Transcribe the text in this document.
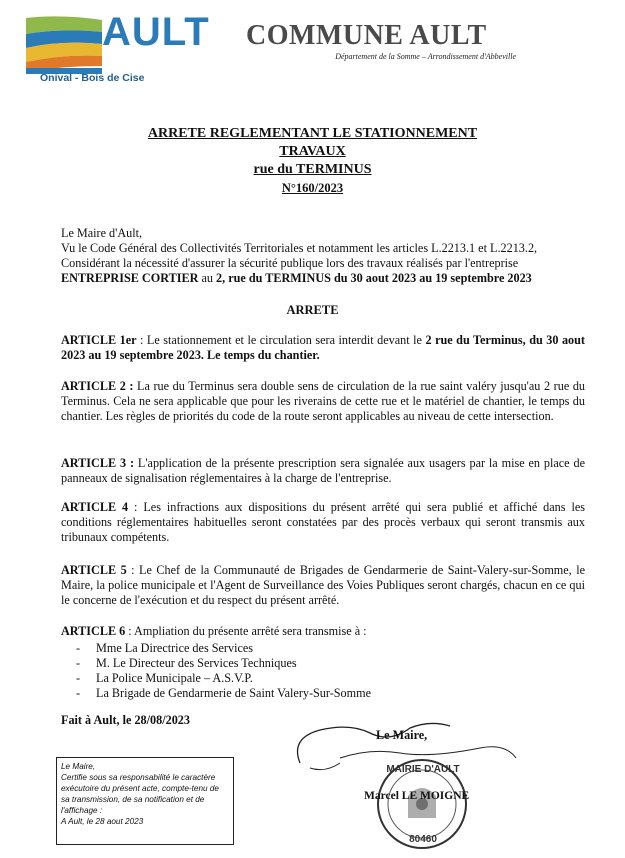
AULT
Onival - Bois de Cise
COMMUNE AULT
Département de la Somme – Arrondissement d'Abbeville
ARRETE REGLEMENTANT LE STATIONNEMENT
TRAVAUX
rue du TERMINUS
N°160/2023
Le Maire d'Ault,
Vu le Code Général des Collectivités Territoriales et notamment les articles L.2213.1 et L.2213.2,
Considérant la nécessité d'assurer la sécurité publique lors des travaux réalisés par l'entreprise
ENTREPRISE CORTIER au 2, rue du TERMINUS du 30 aout 2023 au 19 septembre 2023
ARRETE
ARTICLE 1er : Le stationnement et le circulation sera interdit devant le 2 rue du Terminus, du 30 aout 2023 au 19 septembre 2023. Le temps du chantier.
ARTICLE 2 : La rue du Terminus sera double sens de circulation de la rue saint valéry jusqu'au 2 rue du Terminus. Cela ne sera applicable que pour les riverains de cette rue et le matériel de chantier, le temps du chantier. Les règles de priorités du code de la route seront applicables au niveau de cette intersection.
ARTICLE 3 : L'application de la présente prescription sera signalée aux usagers par la mise en place de panneaux de signalisation réglementaires à la charge de l'entreprise.
ARTICLE 4 : Les infractions aux dispositions du présent arrêté qui sera publié et affiché dans les conditions réglementaires habituelles seront constatées par des procès verbaux qui seront transmis aux tribunaux compétents.
ARTICLE 5 : Le Chef de la Communauté de Brigades de Gendarmerie de Saint-Valery-sur-Somme, le Maire, la police municipale et l'Agent de Surveillance des Voies Publiques seront chargés, chacun en ce qui le concerne de l'exécution et du respect du présent arrêté.
ARTICLE 6 : Ampliation du présente arrêté sera transmise à :
- Mme La Directrice des Services
- M. Le Directeur des Services Techniques
- La Police Municipale – A.S.V.P.
- La Brigade de Gendarmerie de Saint Valery-Sur-Somme
Fait à Ault, le 28/08/2023
Le Maire,
MAIRIE D'AULT
80460
Marcel LE MOIGNE
Le Maire,
Certifie sous sa responsabilité le caractère exécutoire du présent acte, compte-tenu de sa transmission, de sa notification et de l'affichage :
A Ault, le 28 aout 2023
